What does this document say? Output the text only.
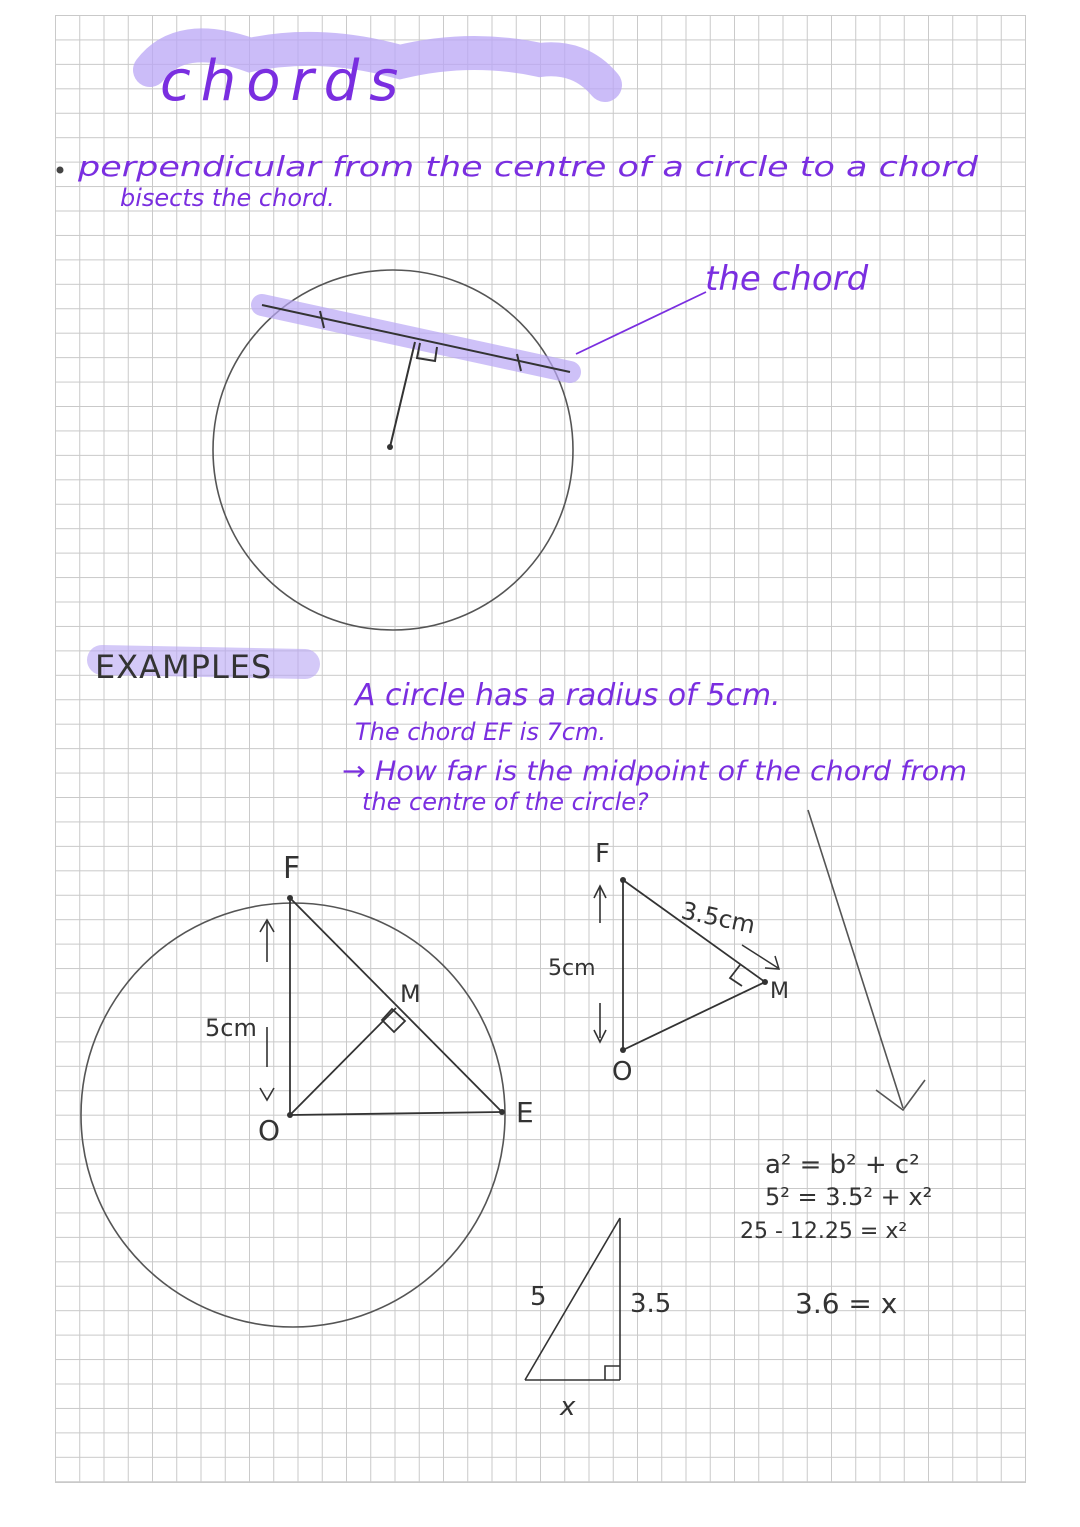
chords
perpendicular from the centre of a circle to a chord
bisects the chord.
the chord
EXAMPLES
A circle has a radius of 5cm.
The chord EF is 7cm.
→ How far is the midpoint of the chord from
the centre of the circle?
F
O
E
M
5cm
F
O
M
3.5cm
5cm
5	3.5
x
a² = b² + c²
5² = 3.5² + x²
25 - 12.25 = x²
3.6 = x
